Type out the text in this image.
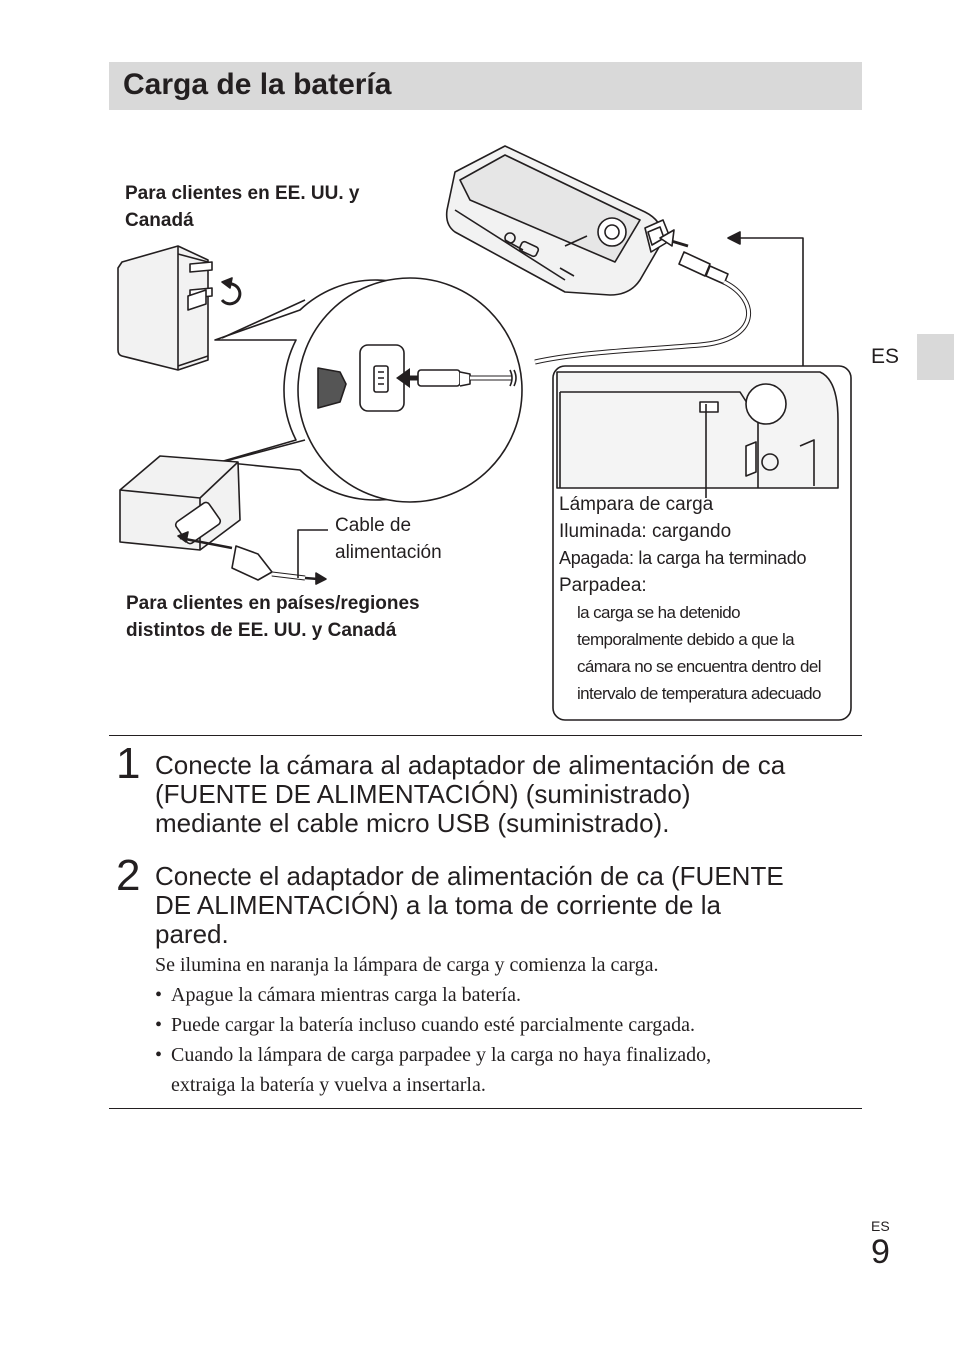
Carga de la batería
ES
Para clientes en EE. UU. y
Canadá
Cable de
alimentación
Para clientes en países/regiones
distintos de EE. UU. y Canadá
Lámpara de carga
Iluminada: cargando
Apagada: la carga ha terminado
Parpadea:
la carga se ha detenido
temporalmente debido a que la
cámara no se encuentra dentro del
intervalo de temperatura adecuado
1 Conecte la cámara al adaptador de alimentación de ca
(FUENTE DE ALIMENTACIÓN) (suministrado)
mediante el cable micro USB (suministrado).
2 Conecte el adaptador de alimentación de ca (FUENTE
DE ALIMENTACIÓN) a la toma de corriente de la
pared.
Se ilumina en naranja la lámpara de carga y comienza la carga.
• Apague la cámara mientras carga la batería.
• Puede cargar la batería incluso cuando esté parcialmente cargada.
• Cuando la lámpara de carga parpadee y la carga no haya finalizado,
extraiga la batería y vuelva a insertarla.
ES
9
